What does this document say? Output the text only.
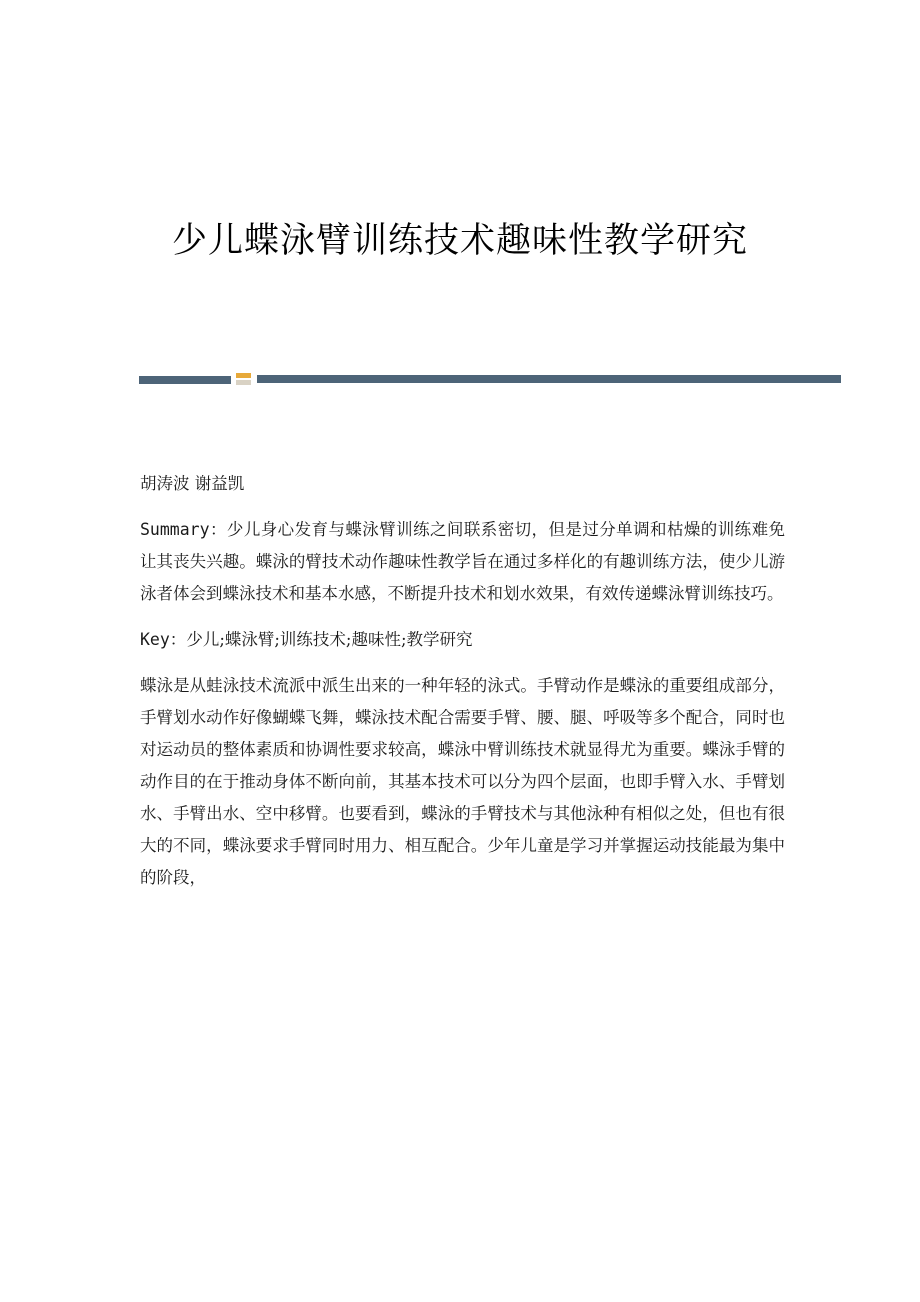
少儿蝶泳臂训练技术趣味性教学研究

胡涛波 谢益凯

Summary：少儿身心发育与蝶泳臂训练之间联系密切，但是过分单调和枯燥的训练难免让其丧失兴趣。蝶泳的臂技术动作趣味性教学旨在通过多样化的有趣训练方法，使少儿游泳者体会到蝶泳技术和基本水感，不断提升技术和划水效果，有效传递蝶泳臂训练技巧。

Key：少儿;蝶泳臂;训练技术;趣味性;教学研究

蝶泳是从蛙泳技术流派中派生出来的一种年轻的泳式。手臂动作是蝶泳的重要组成部分，手臂划水动作好像蝴蝶飞舞，蝶泳技术配合需要手臂、腰、腿、呼吸等多个配合，同时也对运动员的整体素质和协调性要求较高，蝶泳中臂训练技术就显得尤为重要。蝶泳手臂的动作目的在于推动身体不断向前，其基本技术可以分为四个层面，也即手臂入水、手臂划水、手臂出水、空中移臂。也要看到，蝶泳的手臂技术与其他泳种有相似之处，但也有很大的不同，蝶泳要求手臂同时用力、相互配合。少年儿童是学习并掌握运动技能最为集中的阶段，
